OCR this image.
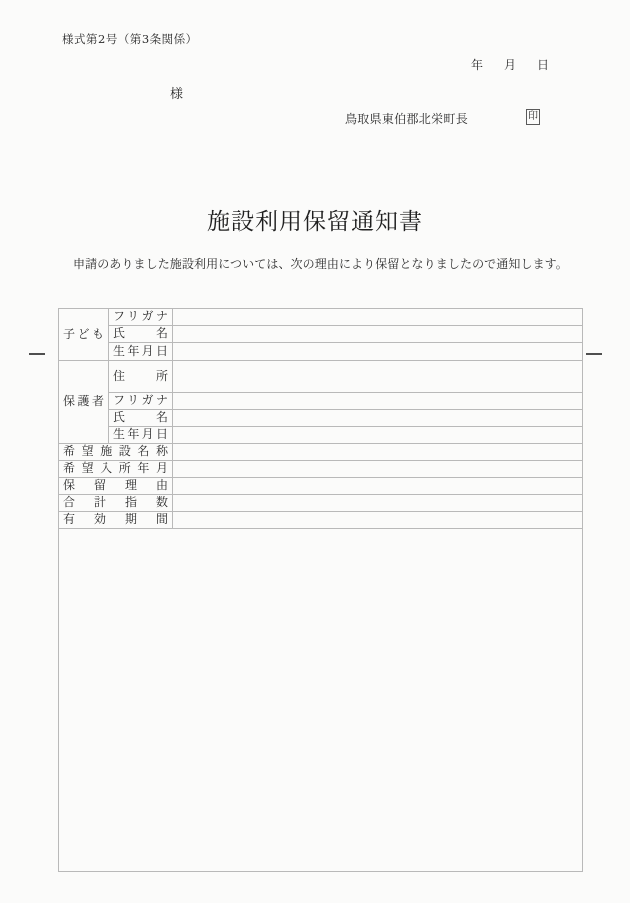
様式第2号（第3条関係）
年　月　日
様
鳥取県東伯郡北栄町長	印
施設利用保留通知書

申請のありました施設利用については、次の理由により保留となりましたので通知します。

子ども	フリガナ	

	氏名	

	生年月日	

保護者	住所	

	フリガナ	

	氏名	

	生年月日	

希望施設名称		

希望入所年月		

保留理由		

合計指数		

有効期間		
